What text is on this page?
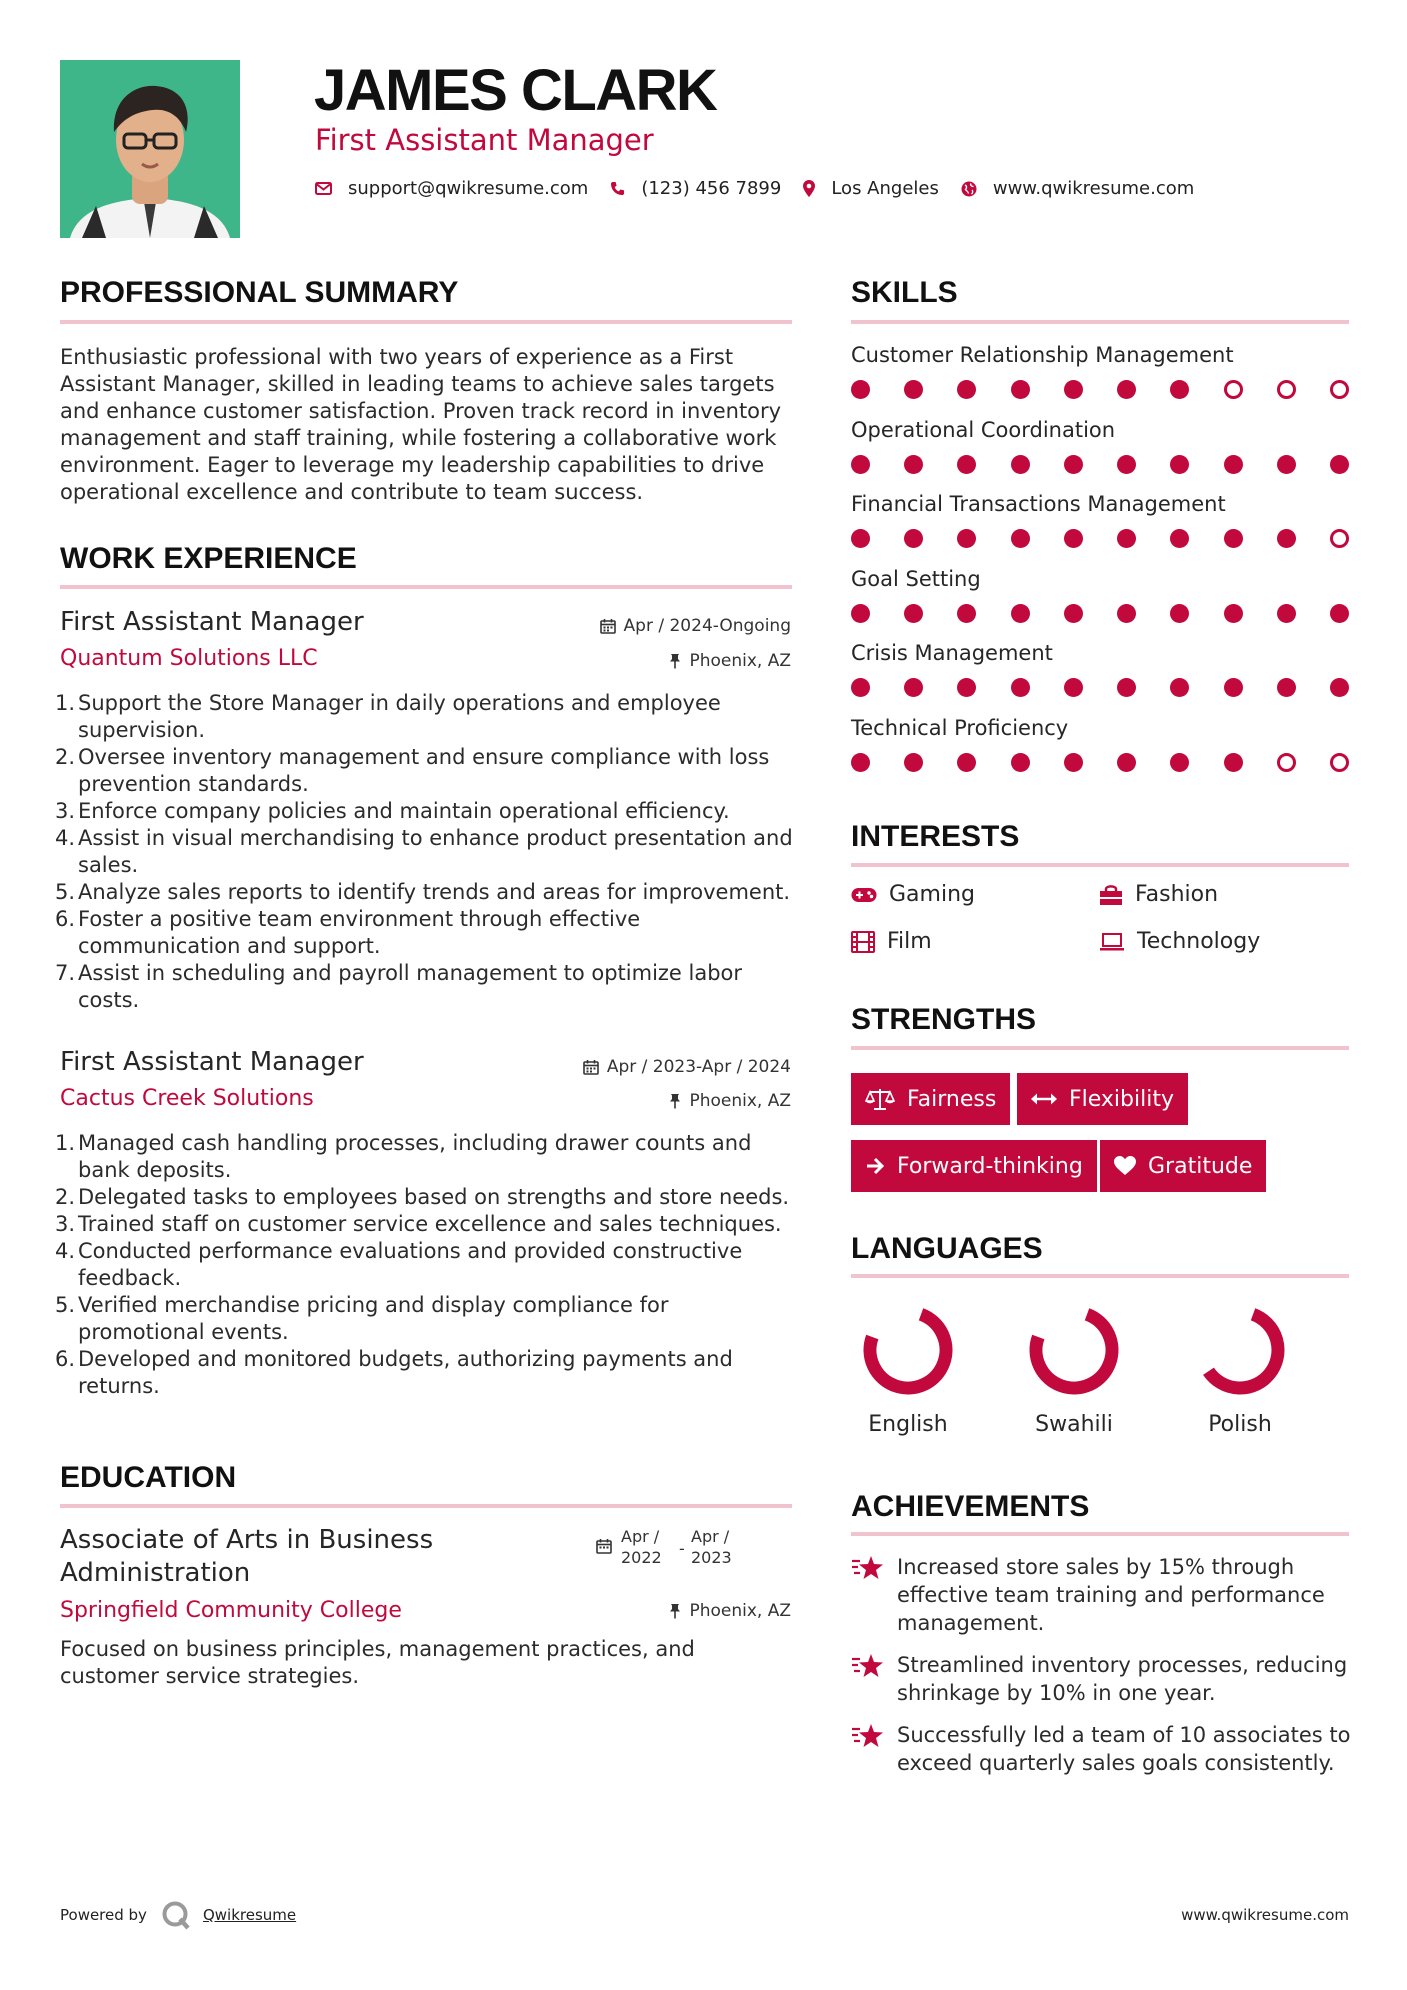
JAMES CLARK
First Assistant Manager
support@qwikresume.com	(123) 456 7899	Los Angeles	www.qwikresume.com
PROFESSIONAL SUMMARY
Enthusiastic professional with two years of experience as a First Assistant Manager, skilled in leading teams to achieve sales targets and enhance customer satisfaction. Proven track record in inventory management and staff training, while fostering a collaborative work environment. Eager to leverage my leadership capabilities to drive operational excellence and contribute to team success.
WORK EXPERIENCE
First Assistant Manager	Apr / 2024-Ongoing
Quantum Solutions LLC	Phoenix, AZ
1. Support the Store Manager in daily operations and employee supervision.
2. Oversee inventory management and ensure compliance with loss prevention standards.
3. Enforce company policies and maintain operational efficiency.
4. Assist in visual merchandising to enhance product presentation and sales.
5. Analyze sales reports to identify trends and areas for improvement.
6. Foster a positive team environment through effective communication and support.
7. Assist in scheduling and payroll management to optimize labor costs.
First Assistant Manager	Apr / 2023-Apr / 2024
Cactus Creek Solutions	Phoenix, AZ
1. Managed cash handling processes, including drawer counts and bank deposits.
2. Delegated tasks to employees based on strengths and store needs.
3. Trained staff on customer service excellence and sales techniques.
4. Conducted performance evaluations and provided constructive feedback.
5. Verified merchandise pricing and display compliance for promotional events.
6. Developed and monitored budgets, authorizing payments and returns.
EDUCATION
Associate of Arts in Business
Administration
Apr /
2022	-
Apr /
2023
Springfield Community College	Phoenix, AZ
Focused on business principles, management practices, and customer service strategies.
SKILLS
Customer Relationship Management
Operational Coordination
Financial Transactions Management
Goal Setting
Crisis Management
Technical Proficiency
INTERESTS
Gaming	Fashion
Film	Technology
STRENGTHS
Fairness	Flexibility
Forward-thinking	Gratitude
LANGUAGES
English	Swahili	Polish
ACHIEVEMENTS
Increased store sales by 15% through effective team training and performance management.
Streamlined inventory processes, reducing shrinkage by 10% in one year.
Successfully led a team of 10 associates to exceed quarterly sales goals consistently.
Powered by	Qwikresume	www.qwikresume.com
